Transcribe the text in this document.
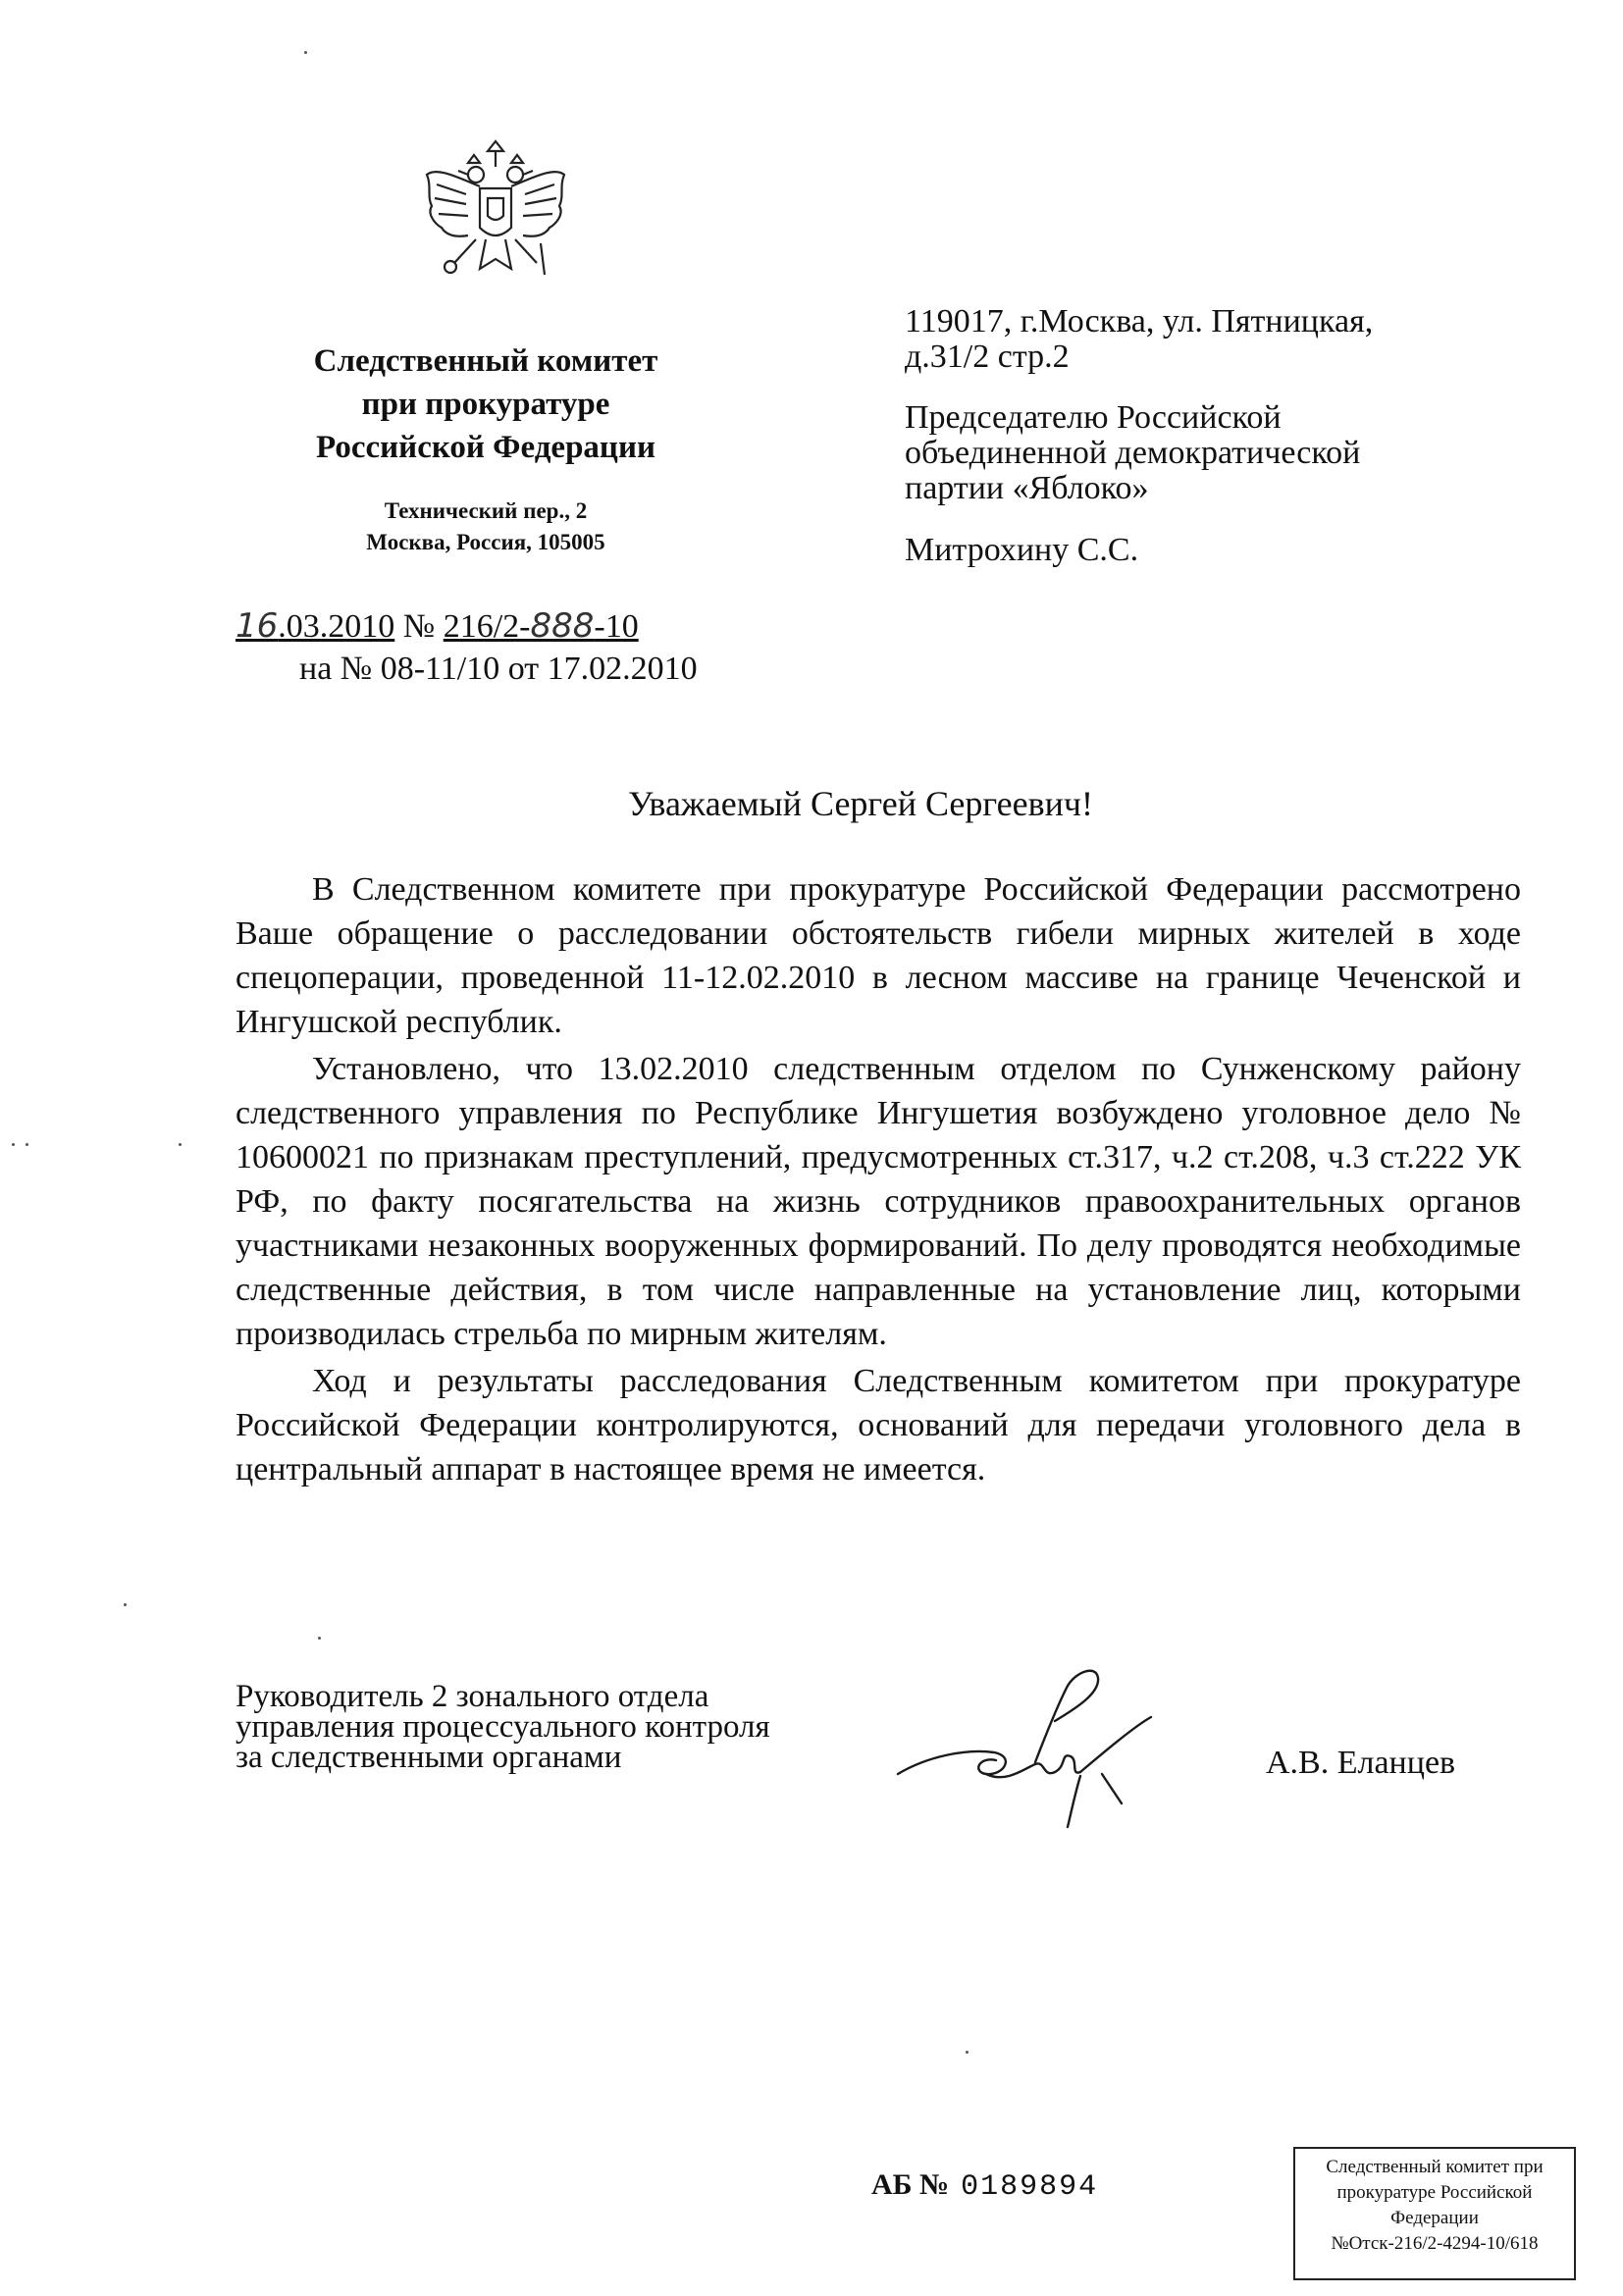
Следственный комитет
при прокуратуре
Российской Федерации
Технический пер., 2
Москва, Россия, 105005
16.03.2010 № 216/2-888-10
на № 08-11/10 от 17.02.2010
119017, г.Москва, ул. Пятницкая,
д.31/2 стр.2
Председателю Российской
объединенной демократической
партии «Яблоко»
Митрохину С.С.
Уважаемый Сергей Сергеевич!

В Следственном комитете при прокуратуре Российской Федерации рассмотрено Ваше обращение о расследовании обстоятельств гибели мирных жителей в ходе спецоперации, проведенной 11-12.02.2010 в лесном массиве на границе Чеченской и Ингушской республик.

Установлено, что 13.02.2010 следственным отделом по Сунженскому району следственного управления по Республике Ингушетия возбуждено уголовное дело № 10600021 по признакам преступлений, предусмотренных ст.317, ч.2 ст.208, ч.3 ст.222 УК РФ, по факту посягательства на жизнь сотрудников правоохранительных органов участниками незаконных вооруженных формирований. По делу проводятся необходимые следственные действия, в том числе направленные на установление лиц, которыми производилась стрельба по мирным жителям.

Ход и результаты расследования Следственным комитетом при прокуратуре Российской Федерации контролируются, оснований для передачи уголовного дела в центральный аппарат в настоящее время не имеется.

Руководитель 2 зонального отдела
управления процессуального контроля
за следственными органами	А.В. Еланцев
АБ № 0189894
Следственный комитет при
прокуратуре Российской
Федерации
№Отск-216/2-4294-10/618
